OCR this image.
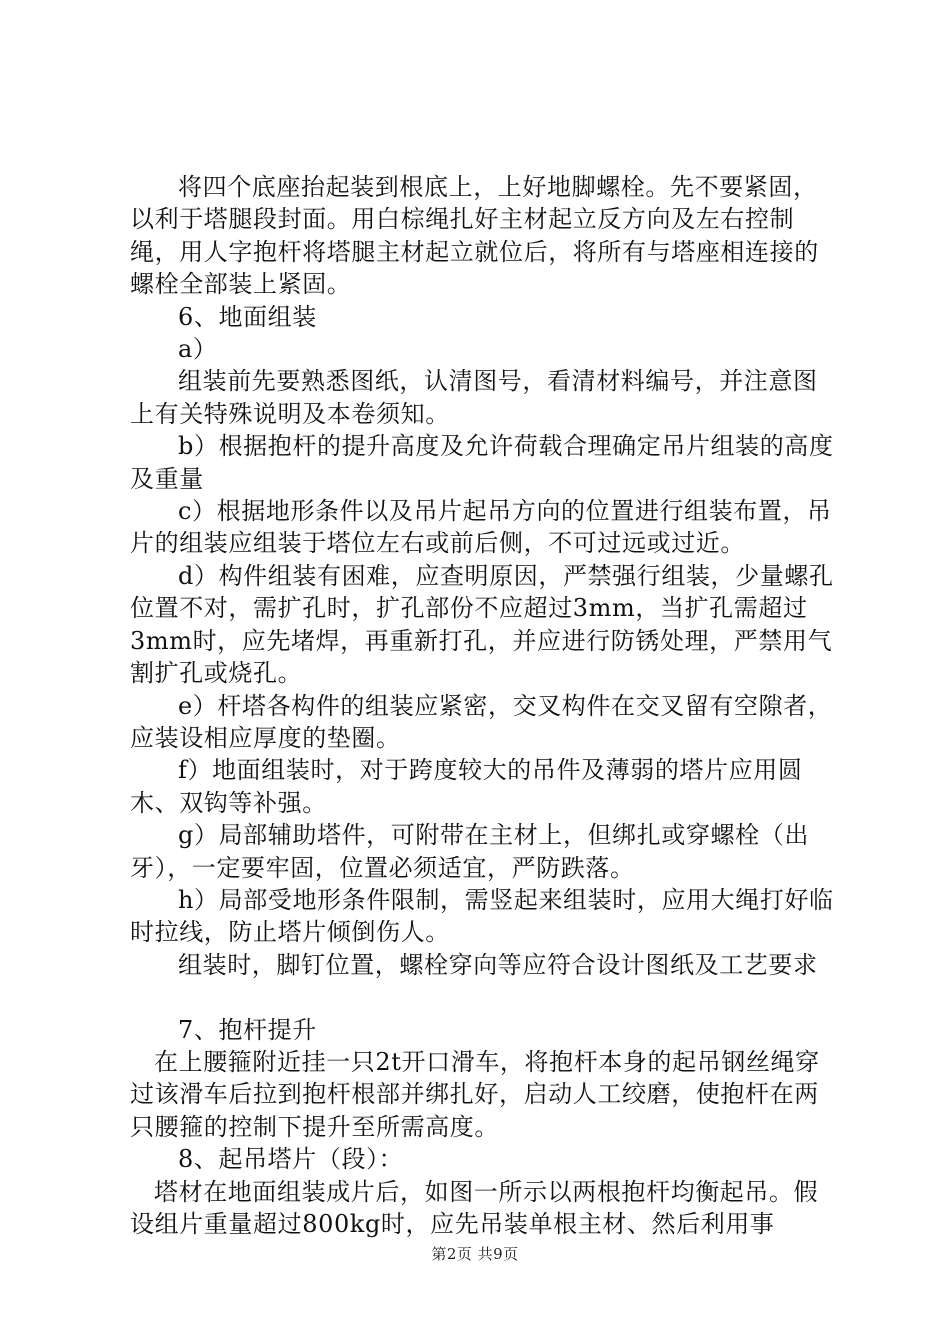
将四个底座抬起装到根底上，上好地脚螺栓。先不要紧固，以利于塔腿段封面。用白棕绳扎好主材起立反方向及左右控制绳，用人字抱杆将塔腿主材起立就位后，将所有与塔座相连接的螺栓全部装上紧固。

6、地面组装

a）

组装前先要熟悉图纸，认清图号，看清材料编号，并注意图上有关特殊说明及本卷须知。

b）根据抱杆的提升高度及允许荷载合理确定吊片组装的高度及重量

c）根据地形条件以及吊片起吊方向的位置进行组装布置，吊片的组装应组装于塔位左右或前后侧，不可过远或过近。

d）构件组装有困难，应查明原因，严禁强行组装，少量螺孔位置不对，需扩孔时，扩孔部份不应超过3mm，当扩孔需超过3mm时，应先堵焊，再重新打孔，并应进行防锈处理，严禁用气割扩孔或烧孔。

e）杆塔各构件的组装应紧密，交叉构件在交叉留有空隙者，应装设相应厚度的垫圈。

f）地面组装时，对于跨度较大的吊件及薄弱的塔片应用圆木、双钩等补强。

g）局部辅助塔件，可附带在主材上，但绑扎或穿螺栓（出牙），一定要牢固，位置必须适宜，严防跌落。

h）局部受地形条件限制，需竖起来组装时，应用大绳打好临时拉线，防止塔片倾倒伤人。

组装时，脚钉位置，螺栓穿向等应符合设计图纸及工艺要求

7、抱杆提升

在上腰箍附近挂一只2t开口滑车，将抱杆本身的起吊钢丝绳穿过该滑车后拉到抱杆根部并绑扎好，启动人工绞磨，使抱杆在两只腰箍的控制下提升至所需高度。

8、起吊塔片（段）：

塔材在地面组装成片后，如图一所示以两根抱杆均衡起吊。假设组片重量超过800kg时，应先吊装单根主材、然后利用事

第2页 共9页
